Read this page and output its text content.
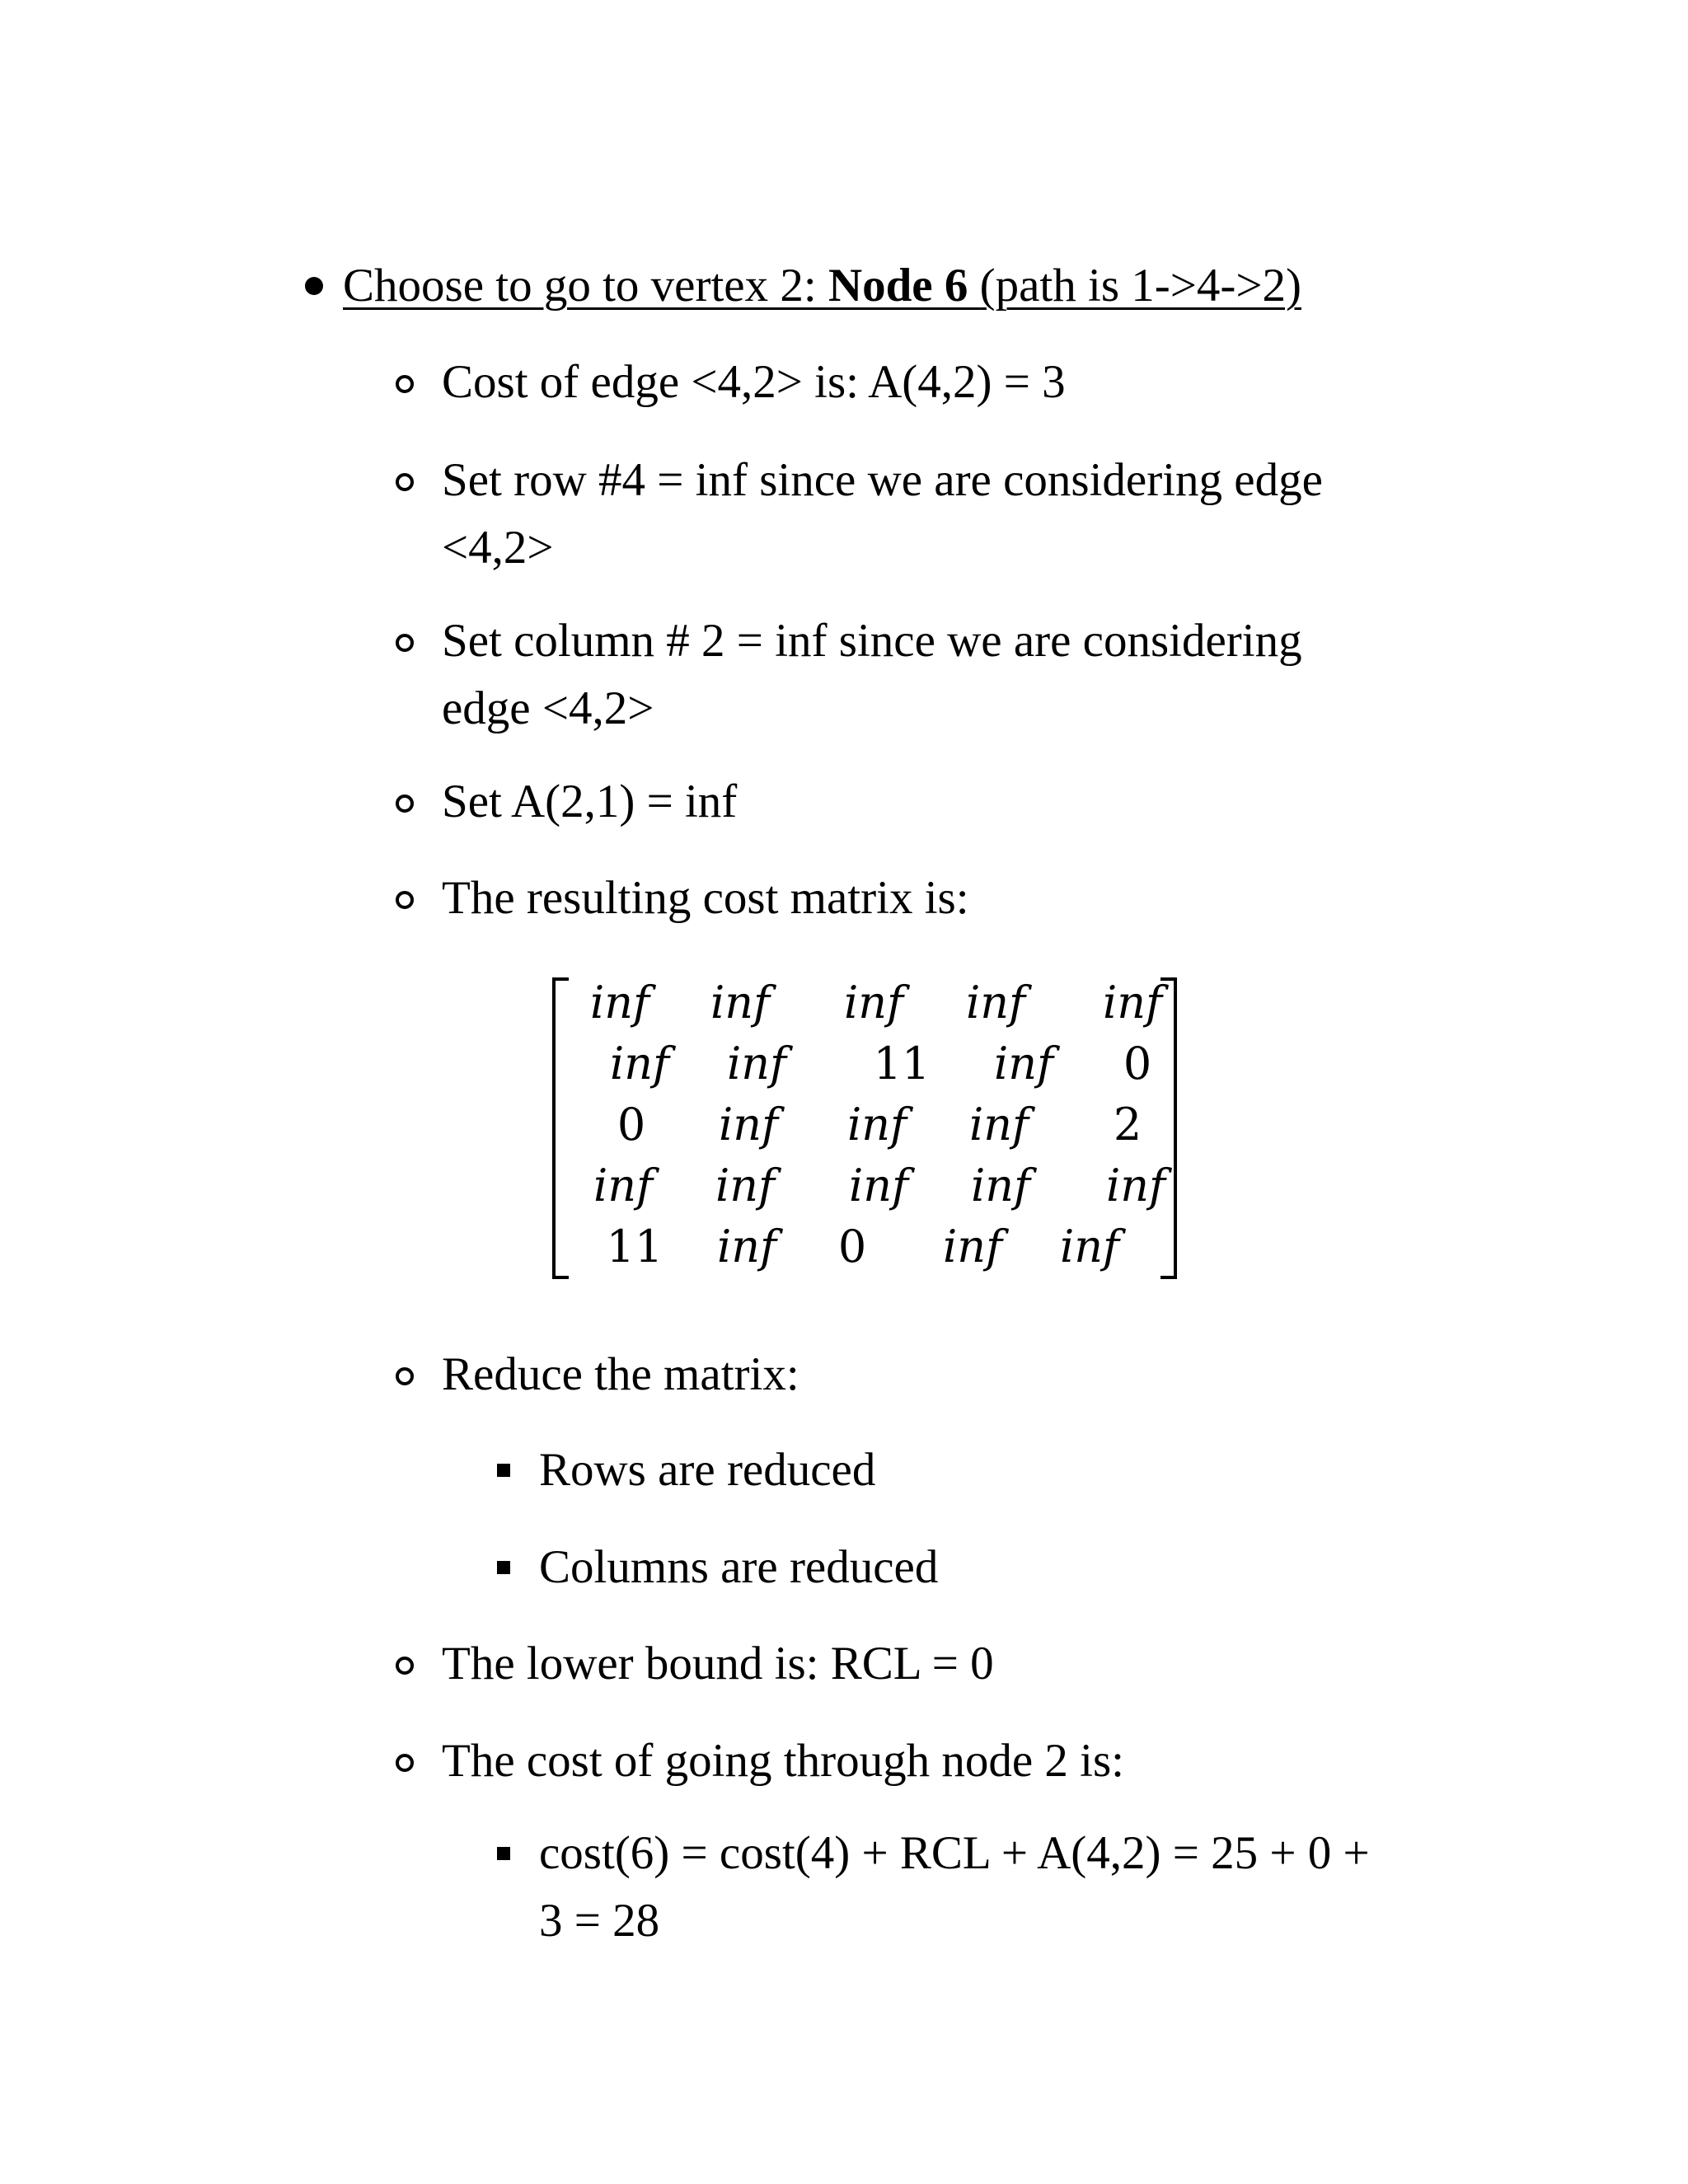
Choose to go to vertex 2: Node 6 (path is 1->4->2)
Cost of edge <4,2> is: A(4,2) = 3
Set row #4 = inf since we are considering edge
<4,2>
Set column # 2 = inf since we are considering
edge <4,2>
Set A(2,1) = inf
The resulting cost matrix is:
inf inf inf inf inf
inf inf 11 inf 0
0 inf inf inf 2
inf inf inf inf inf
11 inf 0 inf inf
Reduce the matrix:
Rows are reduced
Columns are reduced
The lower bound is: RCL = 0
The cost of going through node 2 is:
cost(6) = cost(4) + RCL + A(4,2) = 25 + 0 +
3 = 28
